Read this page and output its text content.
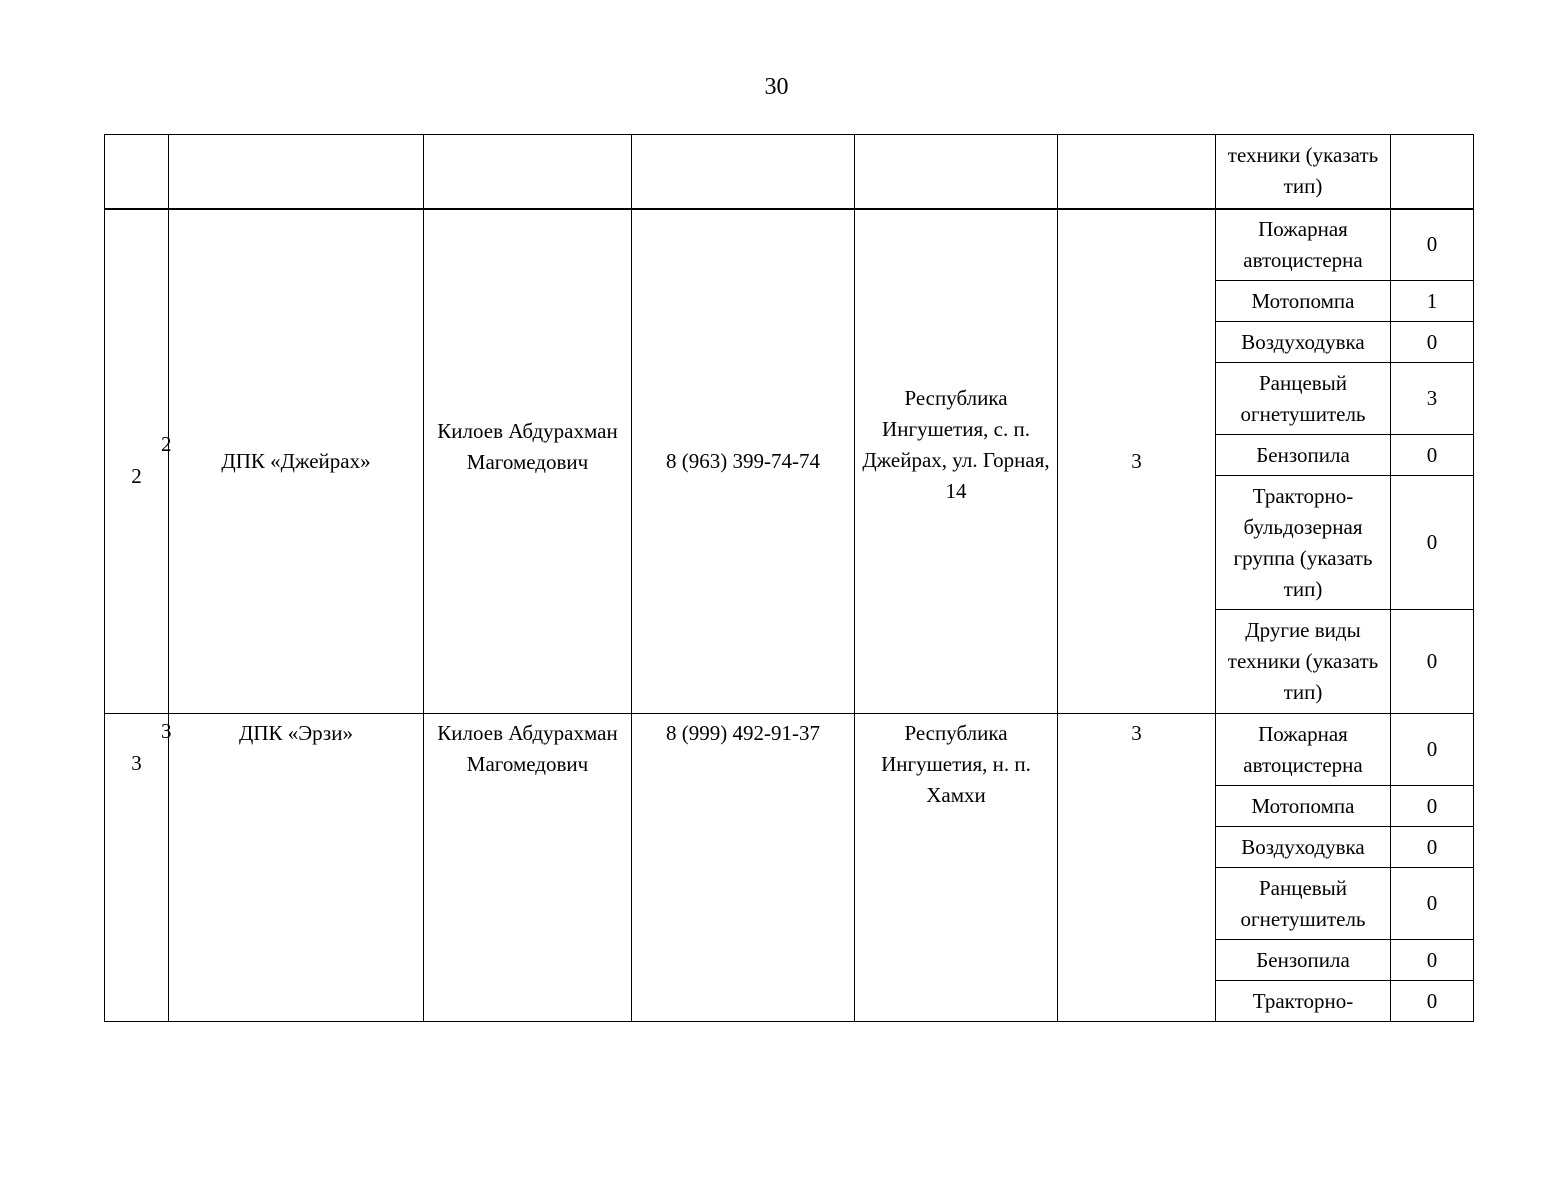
30
						техники (указать тип)	
2	ДПК «Джейрах»	Килоев Абдурахман Магомедович	8 (963) 399-74-74	Республика Ингушетия, с. п. Джейрах, ул. Горная, 14	3	Пожарная автоцистерна	0
						Мотопомпа	1
						Воздуходувка	0
						Ранцевый огнетушитель	3
						Бензопила	0
						Тракторно-бульдозерная группа (указать тип)	0
						Другие виды техники (указать тип)	0
3	ДПК «Эрзи»	Килоев Абдурахман Магомедович	8 (999) 492-91-37	Республика Ингушетия, н. п. Хамхи	3	Пожарная автоцистерна	0
						Мотопомпа	0
						Воздуходувка	0
						Ранцевый огнетушитель	0
						Бензопила	0
						Тракторно-	0
2
3
